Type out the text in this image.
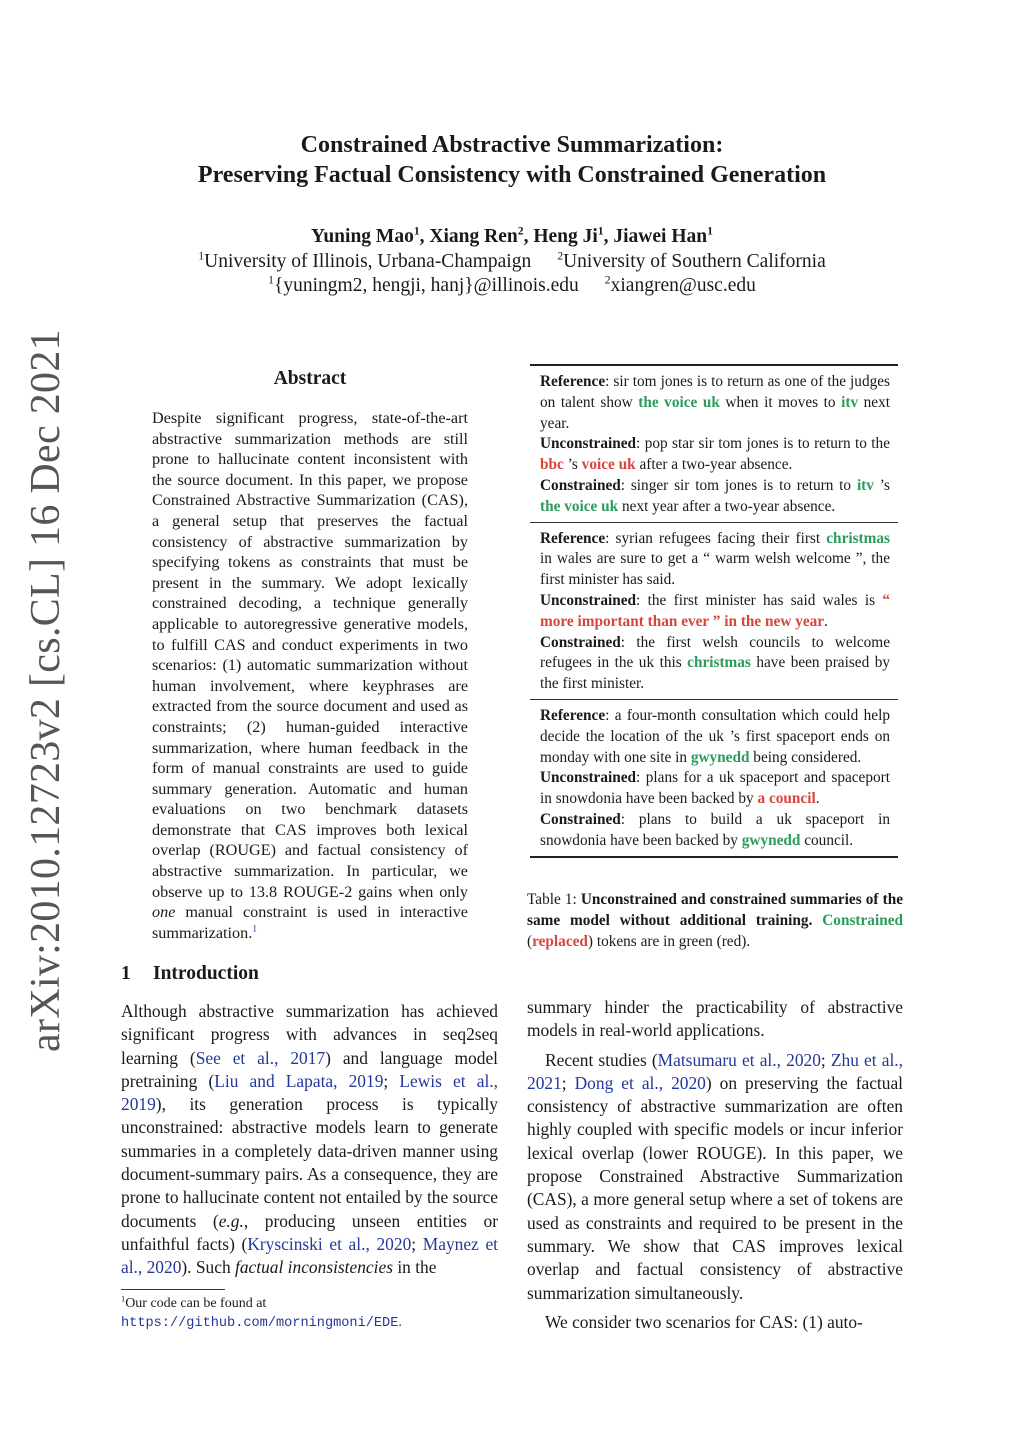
arXiv:2010.12723v2 [cs.CL] 16 Dec 2021
Constrained Abstractive Summarization:
Preserving Factual Consistency with Constrained Generation
Yuning Mao$^1$, Xiang Ren$^2$, Heng Ji$^1$, Jiawei Han$^1$
$^1$University of Illinois, Urbana-Champaign $^2$University of Southern California
$^1${yuningm2, hengji, hanj}@illinois.edu $^2$xiangren@usc.edu
Abstract
Despite significant progress, state-of-the-art abstractive summarization methods are still prone to hallucinate content inconsistent with the source document. In this paper, we propose Constrained Abstractive Summarization (CAS), a general setup that preserves the factual consistency of abstractive summarization by specifying tokens as constraints that must be present in the summary. We adopt lexically constrained decoding, a technique generally applicable to autoregressive generative models, to fulfill CAS and conduct experiments in two scenarios: (1) automatic summarization without human involvement, where keyphrases are extracted from the source document and used as constraints; (2) human-guided interactive summarization, where human feedback in the form of manual constraints are used to guide summary generation. Automatic and human evaluations on two benchmark datasets demonstrate that CAS improves both lexical overlap (ROUGE) and factual consistency of abstractive summarization. In particular, we observe up to 13.8 ROUGE-2 gains when only one manual constraint is used in interactive summarization.$^1$
1 Introduction
Although abstractive summarization has achieved significant progress with advances in seq2seq learning (See et al., 2017) and language model pretraining (Liu and Lapata, 2019; Lewis et al., 2019), its generation process is typically unconstrained: abstractive models learn to generate summaries in a completely data-driven manner using document-summary pairs. As a consequence, they are prone to hallucinate content not entailed by the source documents (e.g., producing unseen entities or unfaithful facts) (Kryscinski et al., 2020; Maynez et al., 2020). Such factual inconsistencies in the
$^1$Our code can be found at https://github.com/morningmoni/EDE.
Reference: sir tom jones is to return as one of the judges on talent show the voice uk when it moves to itv next year.
Unconstrained: pop star sir tom jones is to return to the bbc ’s voice uk after a two-year absence.
Constrained: singer sir tom jones is to return to itv ’s the voice uk next year after a two-year absence.
Reference: syrian refugees facing their first christmas in wales are sure to get a “ warm welsh welcome ”, the first minister has said.
Unconstrained: the first minister has said wales is “ more important than ever ” in the new year.
Constrained: the first welsh councils to welcome refugees in the uk this christmas have been praised by the first minister.
Reference: a four-month consultation which could help decide the location of the uk ’s first spaceport ends on monday with one site in gwynedd being considered.
Unconstrained: plans for a uk spaceport and spaceport in snowdonia have been backed by a council.
Constrained: plans to build a uk spaceport in snowdonia have been backed by gwynedd council.
Table 1: Unconstrained and constrained summaries of the same model without additional training. Constrained (replaced) tokens are in green (red).

summary hinder the practicability of abstractive models in real-world applications.

Recent studies (Matsumaru et al., 2020; Zhu et al., 2021; Dong et al., 2020) on preserving the factual consistency of abstractive summarization are often highly coupled with specific models or incur inferior lexical overlap (lower ROUGE). In this paper, we propose Constrained Abstractive Summarization (CAS), a more general setup where a set of tokens are used as constraints and required to be present in the summary. We show that CAS improves lexical overlap and factual consistency of abstractive summarization simultaneously.

We consider two scenarios for CAS: (1) auto-
